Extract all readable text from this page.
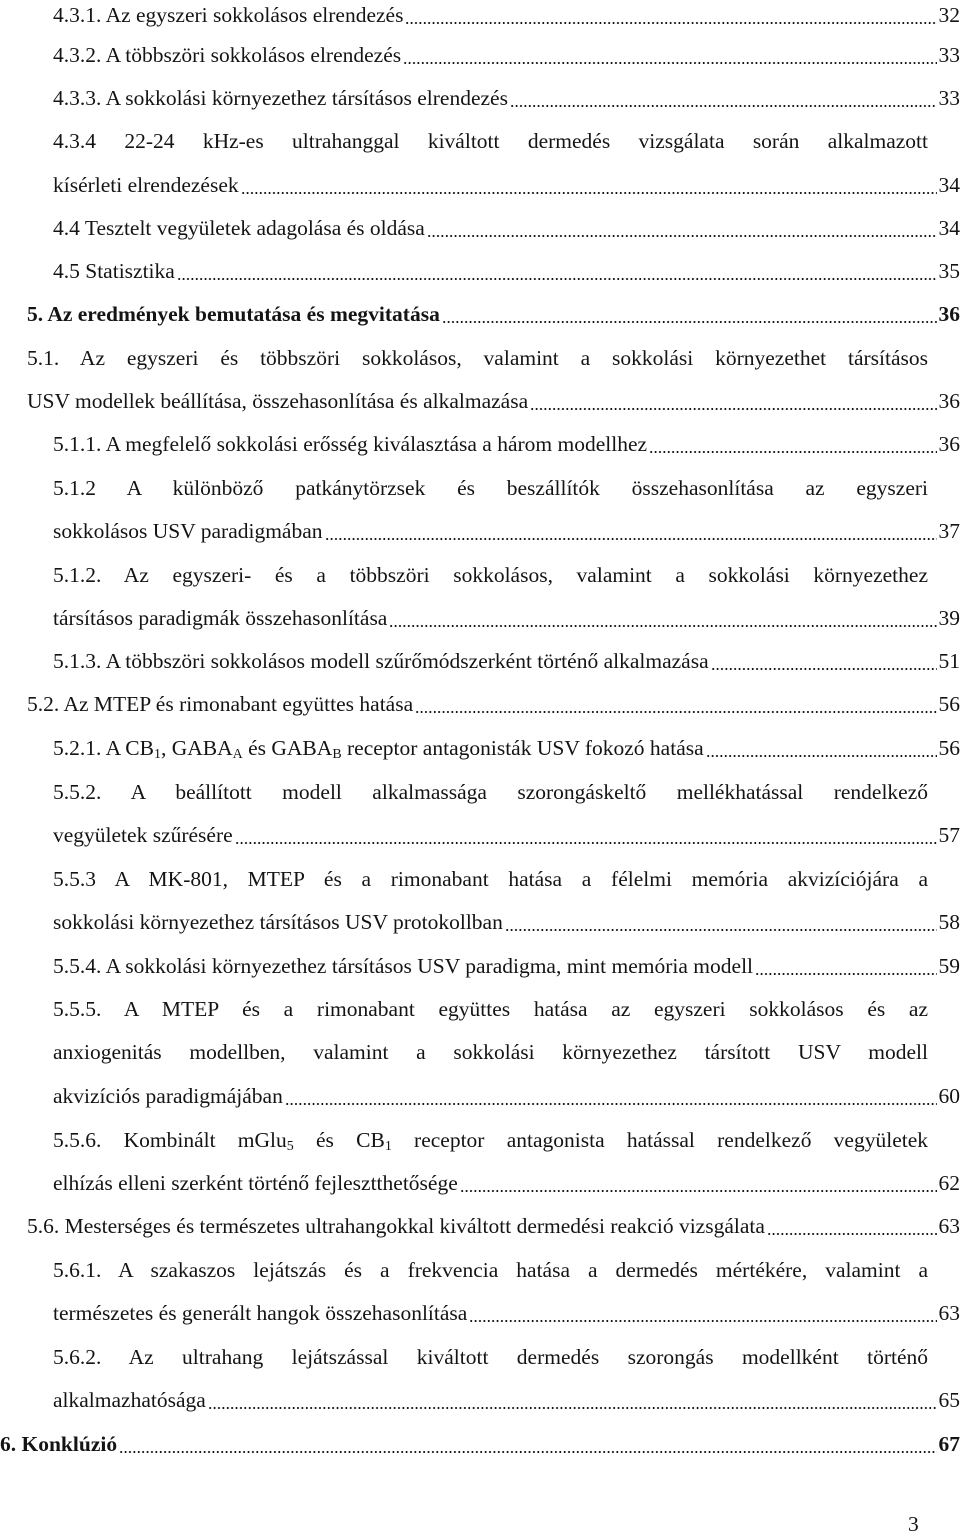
4.3.1. Az egyszeri sokkolásos elrendezés	32
4.3.2. A többszöri sokkolásos elrendezés	33
4.3.3. A sokkolási környezethez társításos elrendezés	33
4.3.4 22-24 kHz-es ultrahanggal kiváltott dermedés vizsgálata során alkalmazott
kísérleti elrendezések	34
4.4 Tesztelt vegyületek adagolása és oldása	34
4.5 Statisztika	35
5. Az eredmények bemutatása és megvitatása	36
5.1. Az egyszeri és többszöri sokkolásos, valamint a sokkolási környezethet társításos
USV modellek beállítása, összehasonlítása és alkalmazása	36
5.1.1. A megfelelő sokkolási erősség kiválasztása a három modellhez	36
5.1.2 A különböző patkánytörzsek és beszállítók összehasonlítása az egyszeri
sokkolásos USV paradigmában	37
5.1.2. Az egyszeri- és a többszöri sokkolásos, valamint a sokkolási környezethez
társításos paradigmák összehasonlítása	39
5.1.3. A többszöri sokkolásos modell szűrőmódszerként történő alkalmazása	51
5.2. Az MTEP és rimonabant együttes hatása	56
5.2.1. A $CB_1$, $GABA_A$ és $GABA_B$ receptor antagonisták USV fokozó hatása	56
5.5.2. A beállított modell alkalmassága szorongáskeltő mellékhatással rendelkező
vegyületek szűrésére	57
5.5.3 A MK-801, MTEP és a rimonabant hatása a félelmi memória akvizíciójára a
sokkolási környezethez társításos USV protokollban	58
5.5.4. A sokkolási környezethez társításos USV paradigma, mint memória modell	59
5.5.5. A MTEP és a rimonabant együttes hatása az egyszeri sokkolásos és az
anxiogenitás modellben, valamint a sokkolási környezethez társított USV modell
akvizíciós paradigmájában	60
5.5.6. Kombinált mGlu$_5$ és $CB_1$ receptor antagonista hatással rendelkező vegyületek
elhízás elleni szerként történő fejlesztthetősége	62
5.6. Mesterséges és természetes ultrahangokkal kiváltott dermedési reakció vizsgálata	63
5.6.1. A szakaszos lejátszás és a frekvencia hatása a dermedés mértékére, valamint a
természetes és generált hangok összehasonlítása	63
5.6.2. Az ultrahang lejátszással kiváltott dermedés szorongás modellként történő
alkalmazhatósága	65
6. Konklúzió	67
3
